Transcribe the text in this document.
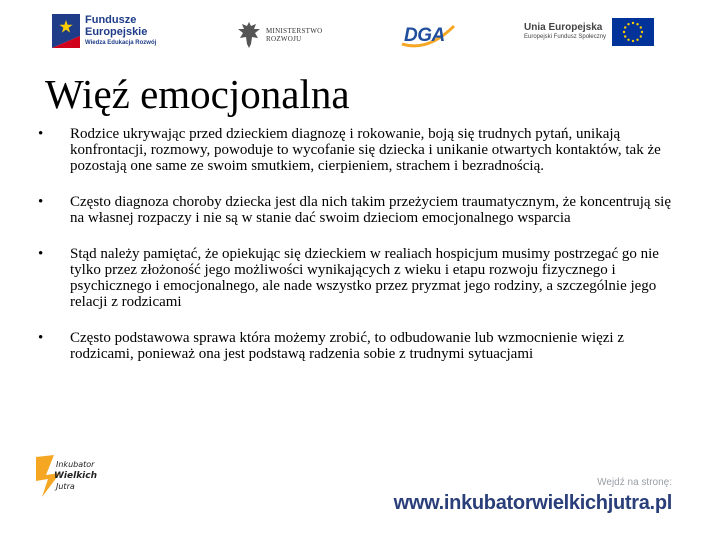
Fundusze
Europejskie
Wiedza Edukacja Rozwój
MINISTERSTWO
ROZWOJU	DGA	Unia Europejska
Europejski Fundusz Społeczny
Więź emocjonalna
•	Rodzice ukrywając przed dzieckiem diagnozę i rokowanie, boją się trudnych pytań, unikają konfrontacji, rozmowy, powoduje to wycofanie się dziecka i unikanie otwartych kontaktów, tak że pozostają one same ze swoim smutkiem, cierpieniem, strachem i bezradnością.
•	Często diagnoza choroby dziecka jest dla nich takim przeżyciem traumatycznym, że koncentrują się na własnej rozpaczy i nie są w stanie dać swoim dzieciom emocjonalnego wsparcia
•	Stąd należy pamiętać, że opiekując się dzieckiem w realiach hospicjum musimy postrzegać go nie tylko przez złożoność jego możliwości wynikających z wieku i etapu rozwoju fizycznego i psychicznego i emocjonalnego, ale nade wszystko przez pryzmat jego rodziny, a szczególnie jego relacji z rodzicami
•	Często podstawowa sprawa która możemy zrobić, to odbudowanie lub wzmocnienie więzi z rodzicami, ponieważ ona jest podstawą radzenia sobie z trudnymi sytuacjami
Inkubator
Wielkich
Jutra	Wejdź na stronę:
www.inkubatorwielkichjutra.pl
